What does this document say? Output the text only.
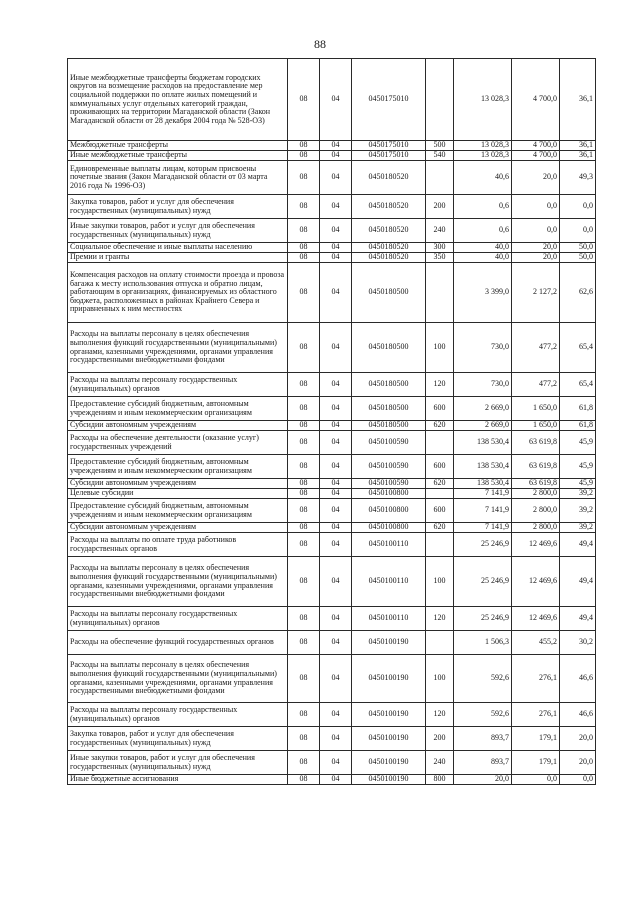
88
Иные межбюджетные трансферты бюджетам городских округов на возмещение расходов на предоставление мер социальной поддержки по оплате жилых помещений и коммунальных услуг отдельных категорий граждан, проживающих на территории Магаданской области (Закон Магаданской области от 28 декабря 2004 года № 528-ОЗ)	08	04	0450175010		13 028,3	4 700,0	36,1
Межбюджетные трансферты	08	04	0450175010	500	13 028,3	4 700,0	36,1
Иные межбюджетные трансферты	08	04	0450175010	540	13 028,3	4 700,0	36,1
Единовременные выплаты лицам, которым присвоены почетные звания (Закон Магаданской области от 03 марта 2016 года № 1996-ОЗ)	08	04	0450180520		40,6	20,0	49,3
Закупка товаров, работ и услуг для обеспечения государственных (муниципальных) нужд	08	04	0450180520	200	0,6	0,0	0,0
Иные закупки товаров, работ и услуг для обеспечения государственных (муниципальных) нужд	08	04	0450180520	240	0,6	0,0	0,0
Социальное обеспечение и иные выплаты населению	08	04	0450180520	300	40,0	20,0	50,0
Премии и гранты	08	04	0450180520	350	40,0	20,0	50,0
Компенсация расходов на оплату стоимости проезда и провоза багажа к месту использования отпуска и обратно лицам, работающим в организациях, финансируемых из областного бюджета, расположенных в районах Крайнего Севера и приравненных к ним местностях	08	04	0450180500		3 399,0	2 127,2	62,6
Расходы на выплаты персоналу в целях обеспечения выполнения функций государственными (муниципальными) органами, казенными учреждениями, органами управления государственными внебюджетными фондами	08	04	0450180500	100	730,0	477,2	65,4
Расходы на выплаты персоналу государственных (муниципальных) органов	08	04	0450180500	120	730,0	477,2	65,4
Предоставление субсидий бюджетным, автономным учреждениям и иным некоммерческим организациям	08	04	0450180500	600	2 669,0	1 650,0	61,8
Субсидии автономным учреждениям	08	04	0450180500	620	2 669,0	1 650,0	61,8
Расходы на обеспечение деятельности (оказание услуг) государственных учреждений	08	04	0450100590		138 530,4	63 619,8	45,9
Предоставление субсидий бюджетным, автономным учреждениям и иным некоммерческим организациям	08	04	0450100590	600	138 530,4	63 619,8	45,9
Субсидии автономным учреждениям	08	04	0450100590	620	138 530,4	63 619,8	45,9
Целевые субсидии	08	04	0450100800		7 141,9	2 800,0	39,2
Предоставление субсидий бюджетным, автономным учреждениям и иным некоммерческим организациям	08	04	0450100800	600	7 141,9	2 800,0	39,2
Субсидии автономным учреждениям	08	04	0450100800	620	7 141,9	2 800,0	39,2
Расходы на выплаты по оплате труда работников государственных органов	08	04	0450100110		25 246,9	12 469,6	49,4
Расходы на выплаты персоналу в целях обеспечения выполнения функций государственными (муниципальными) органами, казенными учреждениями, органами управления государственными внебюджетными фондами	08	04	0450100110	100	25 246,9	12 469,6	49,4
Расходы на выплаты персоналу государственных (муниципальных) органов	08	04	0450100110	120	25 246,9	12 469,6	49,4
Расходы на обеспечение функций государственных органов	08	04	0450100190		1 506,3	455,2	30,2
Расходы на выплаты персоналу в целях обеспечения выполнения функций государственными (муниципальными) органами, казенными учреждениями, органами управления государственными внебюджетными фондами	08	04	0450100190	100	592,6	276,1	46,6
Расходы на выплаты персоналу государственных (муниципальных) органов	08	04	0450100190	120	592,6	276,1	46,6
Закупка товаров, работ и услуг для обеспечения государственных (муниципальных) нужд	08	04	0450100190	200	893,7	179,1	20,0
Иные закупки товаров, работ и услуг для обеспечения государственных (муниципальных) нужд	08	04	0450100190	240	893,7	179,1	20,0
Иные бюджетные ассигнования	08	04	0450100190	800	20,0	0,0	0,0
